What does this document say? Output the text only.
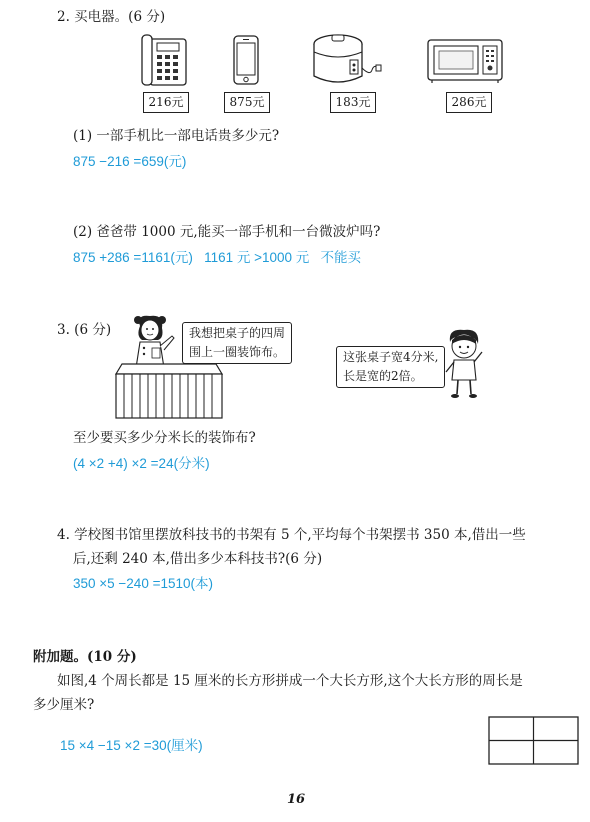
2. 买电器。(6 分)
216元	875元	183元	286元
(1) 一部手机比一部电话贵多少元?
875 −216 =659(元)
(2) 爸爸带 1000 元,能买一部手机和一台微波炉吗?
875 +286 =1161(元)   1161 元 >1000 元   不能买
3. (6 分)	我想把桌子的四周
围上一圈装饰布。	这张桌子宽4分米,
长是宽的2倍。
至少要买多少分米长的装饰布?
(4 ×2 +4) ×2 =24(分米)
4. 学校图书馆里摆放科技书的书架有 5 个,平均每个书架摆书 350 本,借出一些
后,还剩 240 本,借出多少本科技书?(6 分)
350 ×5 −240 =1510(本)
附加题。(10 分)
如图,4 个周长都是 15 厘米的长方形拼成一个大长方形,这个大长方形的周长是
多少厘米?
15 ×4 −15 ×2 =30(厘米)
16
